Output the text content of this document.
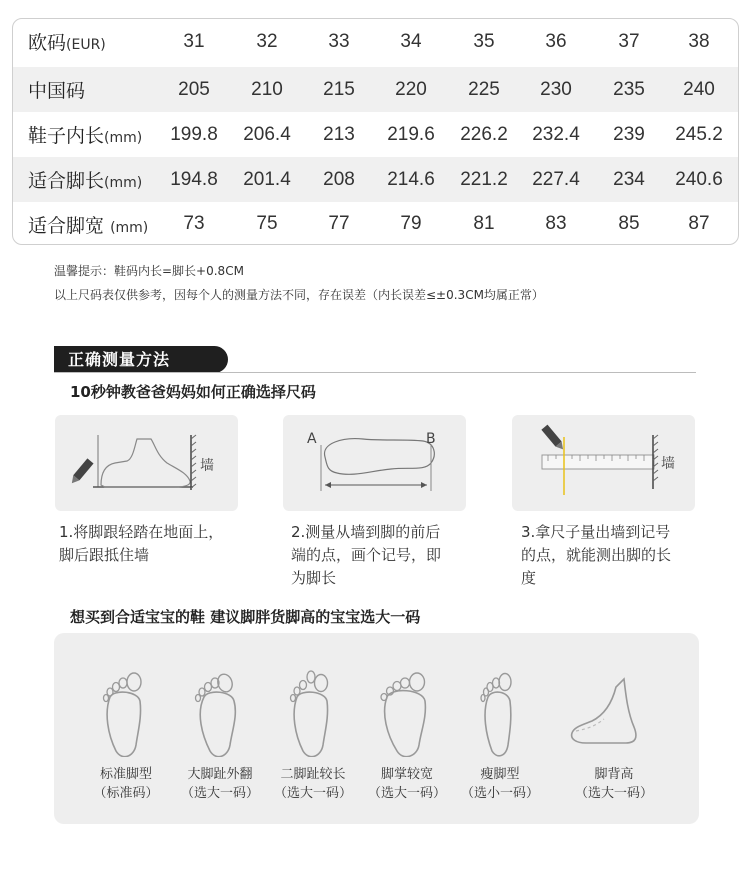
欧码(EUR)	31	32	33	34	35	36	37	38
中国码	205	210	215	220	225	230	235	240
鞋子内长(mm)	199.8	206.4	213	219.6	226.2	232.4	239	245.2
适合脚长(mm)	194.8	201.4	208	214.6	221.2	227.4	234	240.6
适合脚宽 (mm)	73	75	77	79	81	83	85	87
温馨提示：鞋码内长=脚长+0.8CM
以上尺码表仅供参考，因每个人的测量方法不同，存在误差（内长误差≤±0.3CM均属正常）
正确测量方法
10秒钟教爸爸妈妈如何正确选择尺码
墙
1.将脚跟轻踏在地面上，
脚后跟抵住墙
A	B
2.测量从墙到脚的前后
端的点，画个记号，即
为脚长
墙
3.拿尺子量出墙到记号
的点，就能测出脚的长
度
想买到合适宝宝的鞋 建议脚胖货脚高的宝宝选大一码
标准脚型
（标准码）
大脚趾外翻
（选大一码）
二脚趾较长
（选大一码）
脚掌较宽
（选大一码）
瘦脚型
（选小一码）
脚背高
（选大一码）
